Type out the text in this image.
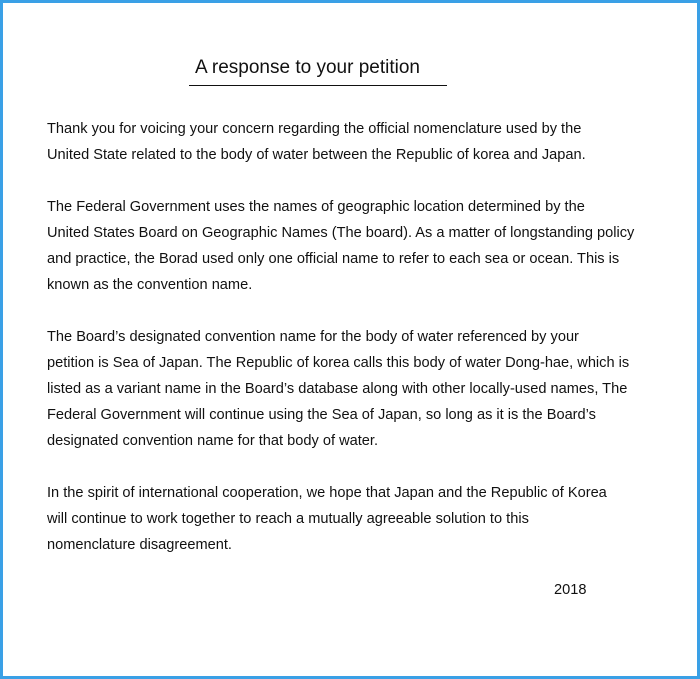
A response to your petition

Thank you for voicing your concern regarding the official nomenclature used by the
United State related to the body of water between the Republic of korea and Japan.

The Federal Government uses the names of geographic location determined by the
United States Board on Geographic Names (The board). As a matter of longstanding policy
and practice, the Borad used only one official name to refer to each sea or ocean. This is
known as the convention name.

The Board’s designated convention name for the body of water referenced by your
petition is Sea of Japan. The Republic of korea calls this body of water Dong-hae, which is
listed as a variant name in the Board’s database along with other locally-used names, The
Federal Government will continue using the Sea of Japan, so long as it is the Board’s
designated convention name for that body of water.

In the spirit of international cooperation, we hope that Japan and the Republic of Korea
will continue to work together to reach a mutually agreeable solution to this
nomenclature disagreement.

2018
